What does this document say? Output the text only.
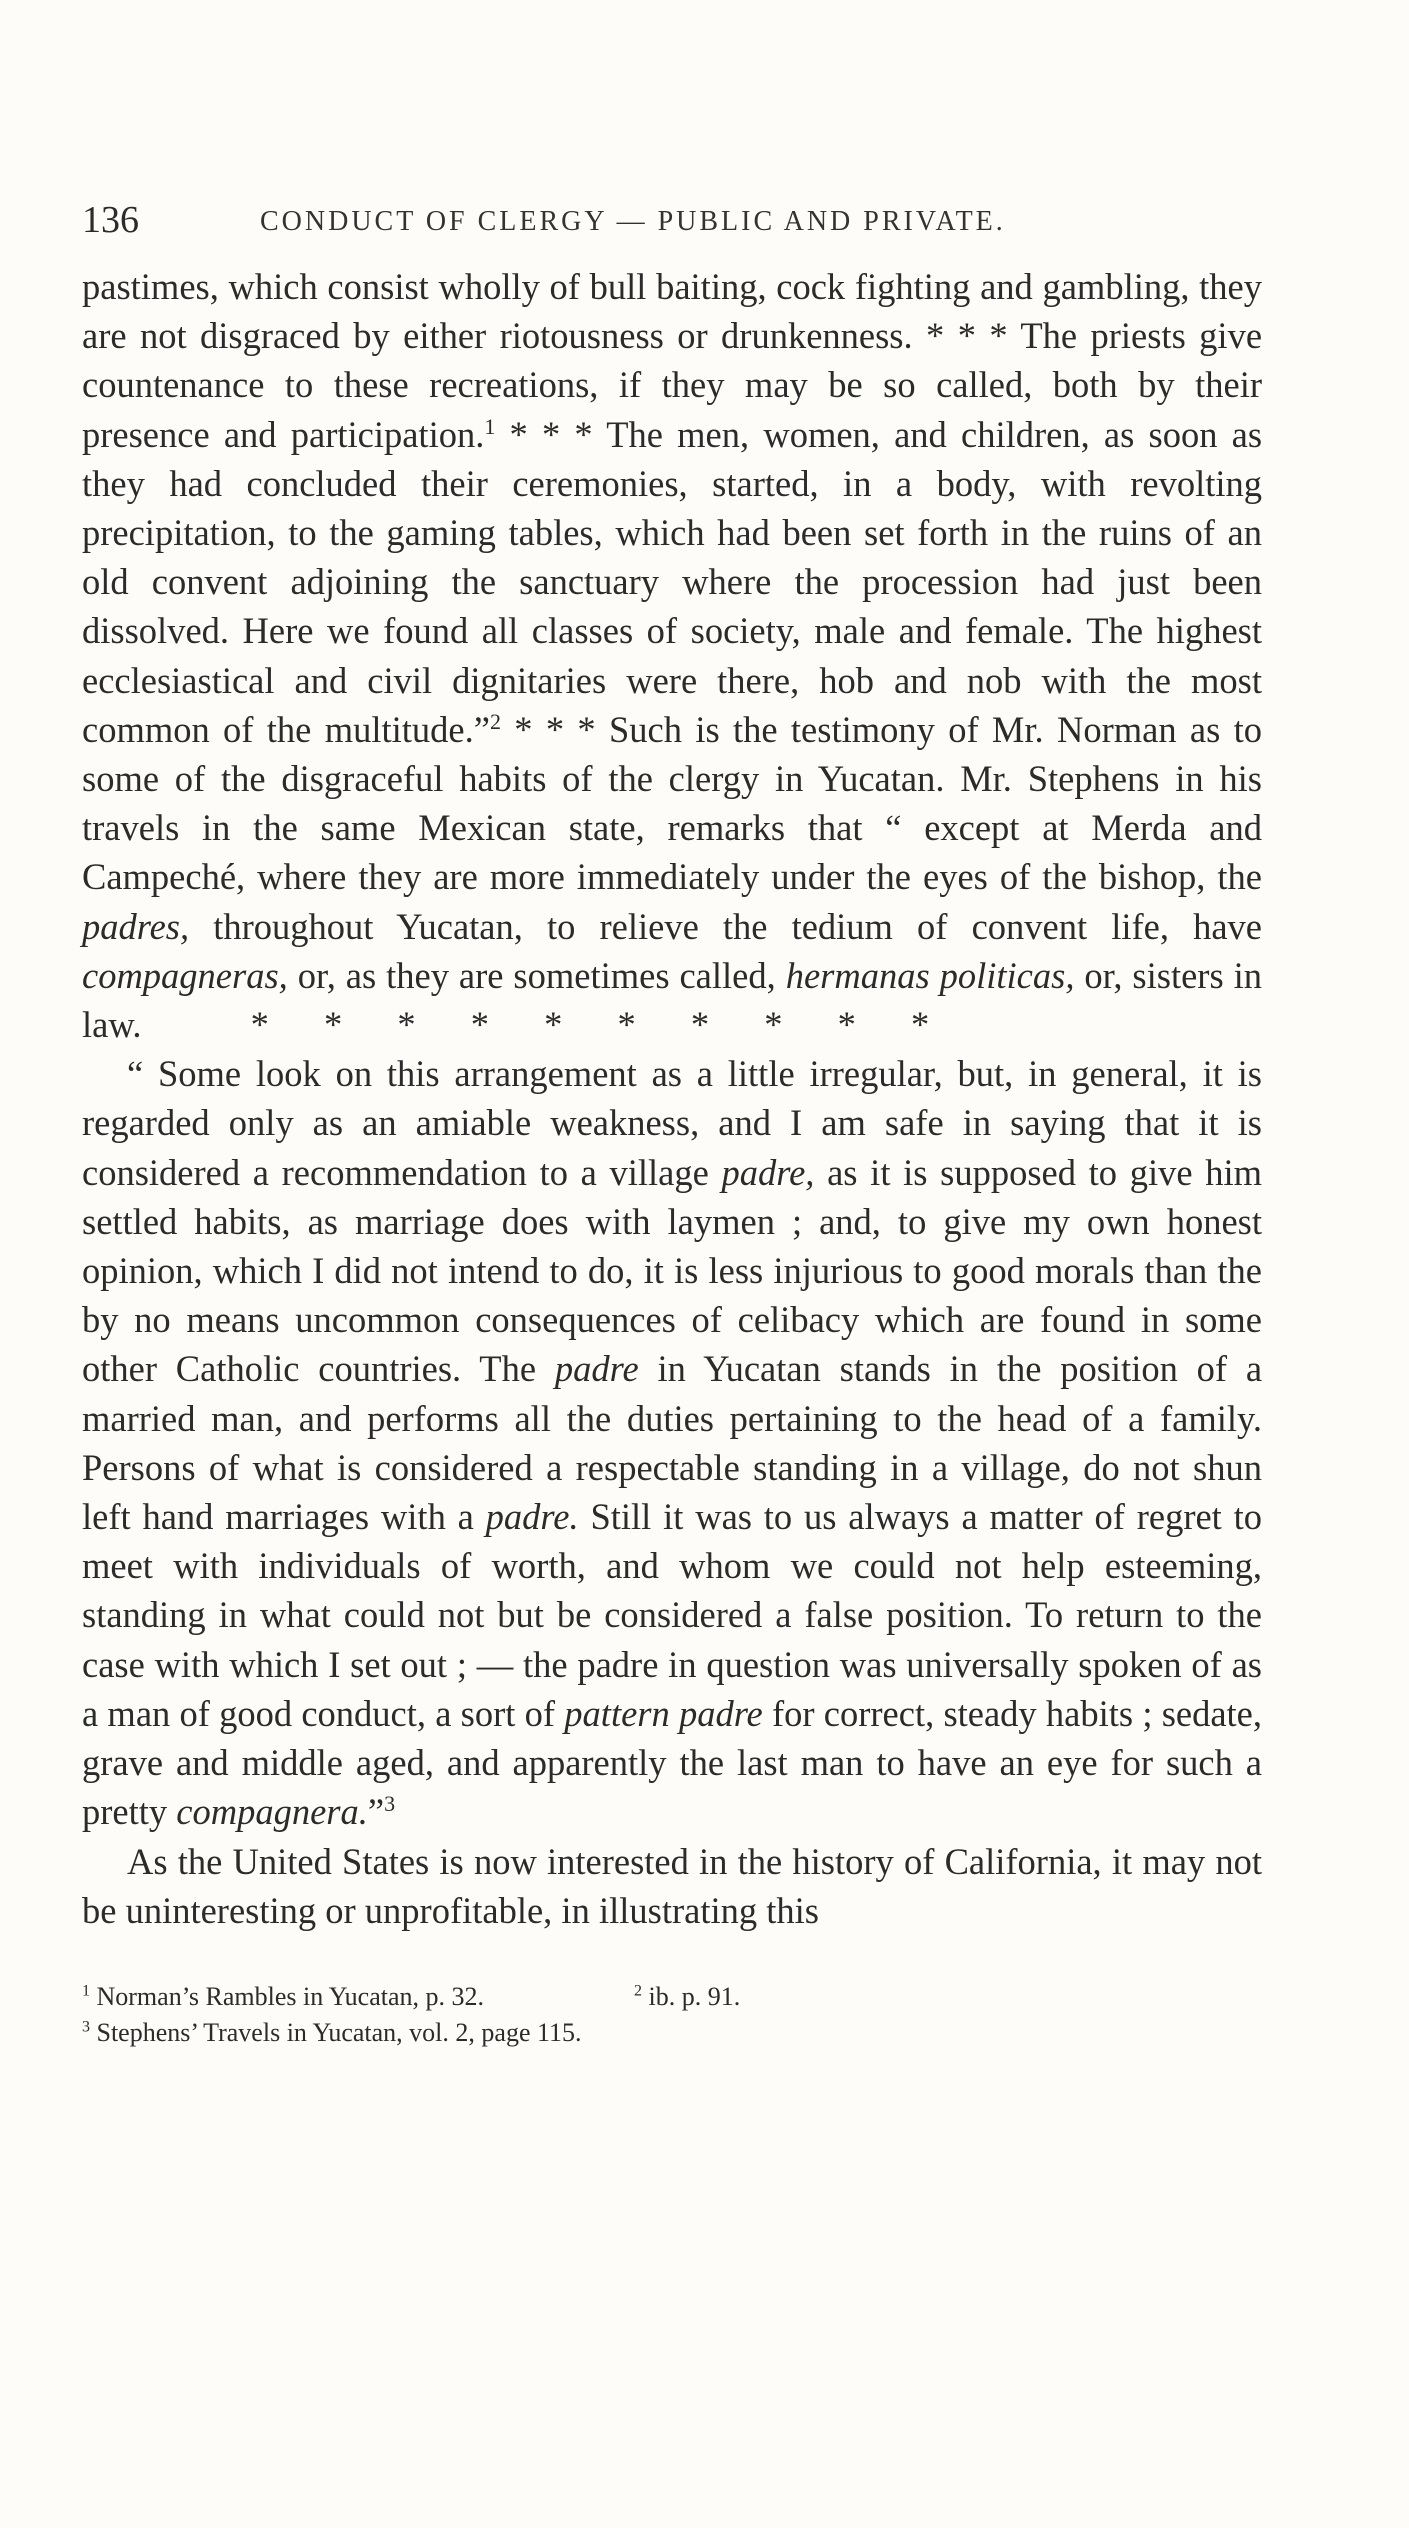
136	CONDUCT OF CLERGY — PUBLIC AND PRIVATE.

pastimes, which consist wholly of bull baiting, cock fighting and gambling, they are not disgraced by either riotousness or drunkenness. * * * The priests give countenance to these recreations, if they may be so called, both by their presence and participation.$^1$ * * * The men, women, and children, as soon as they had concluded their ceremonies, started, in a body, with revolting precipitation, to the gaming tables, which had been set forth in the ruins of an old convent adjoining the sanctuary where the procession had just been dissolved. Here we found all classes of society, male and female. The highest ecclesiastical and civil dignitaries were there, hob and nob with the most common of the multitude.”$^2$ * * * Such is the testimony of Mr. Norman as to some of the disgraceful habits of the clergy in Yucatan. Mr. Stephens in his travels in the same Mexican state, remarks that “ except at Merda and Campeché, where they are more immediately under the eyes of the bishop, the padres, throughout Yucatan, to relieve the tedium of convent life, have compagneras, or, as they are sometimes called, hermanas politicas, or, sisters in law.	* * * * * * * * * *

“ Some look on this arrangement as a little irregular, but, in general, it is regarded only as an amiable weakness, and I am safe in saying that it is considered a recommendation to a village padre, as it is supposed to give him settled habits, as marriage does with laymen ; and, to give my own honest opinion, which I did not intend to do, it is less injurious to good morals than the by no means uncommon consequences of celibacy which are found in some other Catholic countries. The padre in Yucatan stands in the position of a married man, and performs all the duties pertaining to the head of a family. Persons of what is considered a respectable standing in a village, do not shun left hand marriages with a padre. Still it was to us always a matter of regret to meet with individuals of worth, and whom we could not help esteeming, standing in what could not but be considered a false position. To return to the case with which I set out ; — the padre in question was universally spoken of as a man of good conduct, a sort of pattern padre for correct, steady habits ; sedate, grave and middle aged, and apparently the last man to have an eye for such a pretty compagnera.”$^3$

As the United States is now interested in the history of California, it may not be uninteresting or unprofitable, in illustrating this

$^1$ Norman’s Rambles in Yucatan, p. 32.	$^2$ ib. p. 91.
$^3$ Stephens’ Travels in Yucatan, vol. 2, page 115.
